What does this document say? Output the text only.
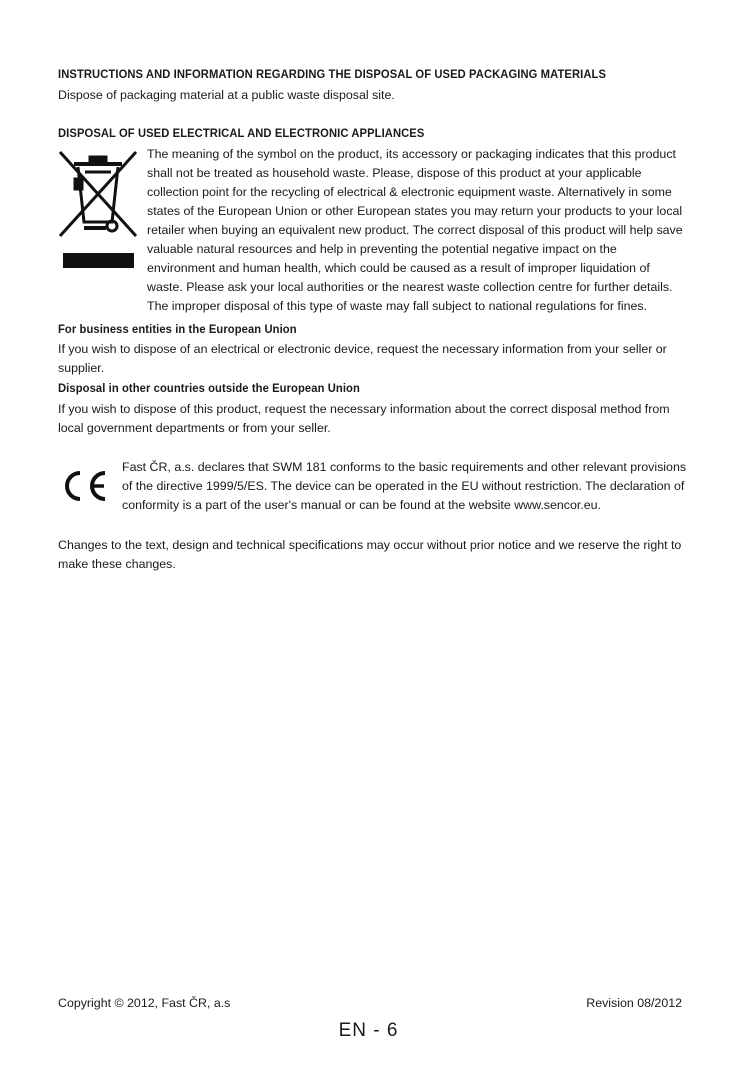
INSTRUCTIONS AND INFORMATION REGARDING THE DISPOSAL OF USED PACKAGING MATERIALS
Dispose of packaging material at a public waste disposal site.
DISPOSAL OF USED ELECTRICAL AND ELECTRONIC APPLIANCES
The meaning of the symbol on the product, its accessory or packaging indicates that this product shall not be treated as household waste. Please, dispose of this product at your applicable collection point for the recycling of electrical & electronic equipment waste. Alternatively in some states of the European Union or other European states you may return your products to your local retailer when buying an equivalent new product. The correct disposal of this product will help save valuable natural resources and help in preventing the potential negative impact on the environment and human health, which could be caused as a result of improper liquidation of waste. Please ask your local authorities or the nearest waste collection centre for further details. The improper disposal of this type of waste may fall subject to national regulations for fines.
For business entities in the European Union
If you wish to dispose of an electrical or electronic device, request the necessary information from your seller or supplier.
Disposal in other countries outside the European Union
If you wish to dispose of this product, request the necessary information about the correct disposal method from local government departments or from your seller.
Fast ČR, a.s. declares that SWM 181 conforms to the basic requirements and other relevant provisions of the directive 1999/5/ES. The device can be operated in the EU without restriction. The declaration of conformity is a part of the user's manual or can be found at the website www.sencor.eu.
Changes to the text, design and technical specifications may occur without prior notice and we reserve the right to make these changes.
Copyright © 2012, Fast ČR, a.s	Revision 08/2012
EN - 6
